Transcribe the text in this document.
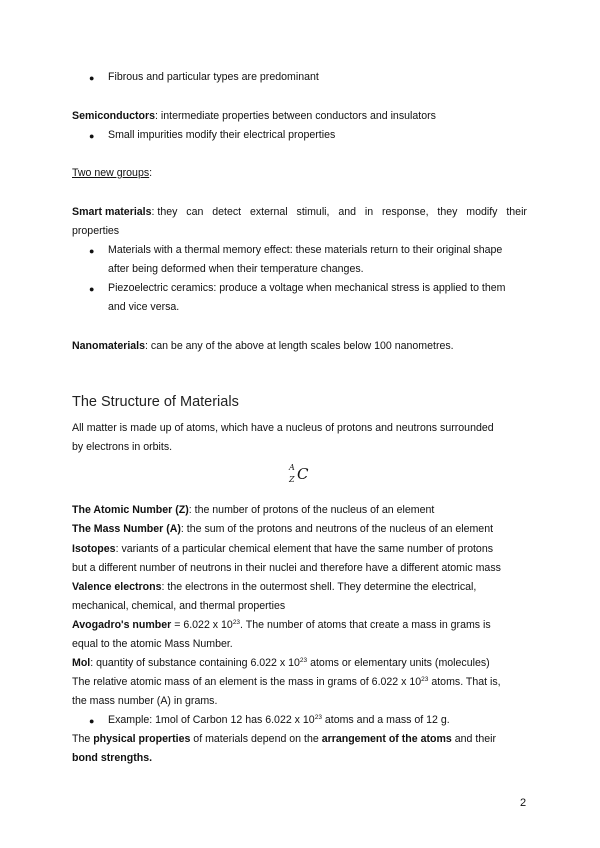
● Fibrous and particular types are predominant
Semiconductors: intermediate properties between conductors and insulators
● Small impurities modify their electrical properties
Two new groups:
Smart materials: they can detect external stimuli, and in response, they modify their
properties
● Materials with a thermal memory effect: these materials return to their original shape
after being deformed when their temperature changes.
● Piezoelectric ceramics: produce a voltage when mechanical stress is applied to them
and vice versa.
Nanomaterials: can be any of the above at length scales below 100 nanometres.
The Structure of Materials
All matter is made up of atoms, which have a nucleus of protons and neutrons surrounded
by electrons in orbits.
A
Z C
The Atomic Number (Z): the number of protons of the nucleus of an element
The Mass Number (A): the sum of the protons and neutrons of the nucleus of an element
Isotopes: variants of a particular chemical element that have the same number of protons
but a different number of neutrons in their nuclei and therefore have a different atomic mass
Valence electrons: the electrons in the outermost shell. They determine the electrical,
mechanical, chemical, and thermal properties
Avogadro's number = 6.022 x $10^{23}$. The number of atoms that create a mass in grams is
equal to the atomic Mass Number.
Mol: quantity of substance containing 6.022 x $10^{23}$ atoms or elementary units (molecules)
The relative atomic mass of an element is the mass in grams of 6.022 x $10^{23}$ atoms. That is,
the mass number (A) in grams.
● Example: 1mol of Carbon 12 has 6.022 x $10^{23}$ atoms and a mass of 12 g.
The physical properties of materials depend on the arrangement of the atoms and their
bond strengths.
2
